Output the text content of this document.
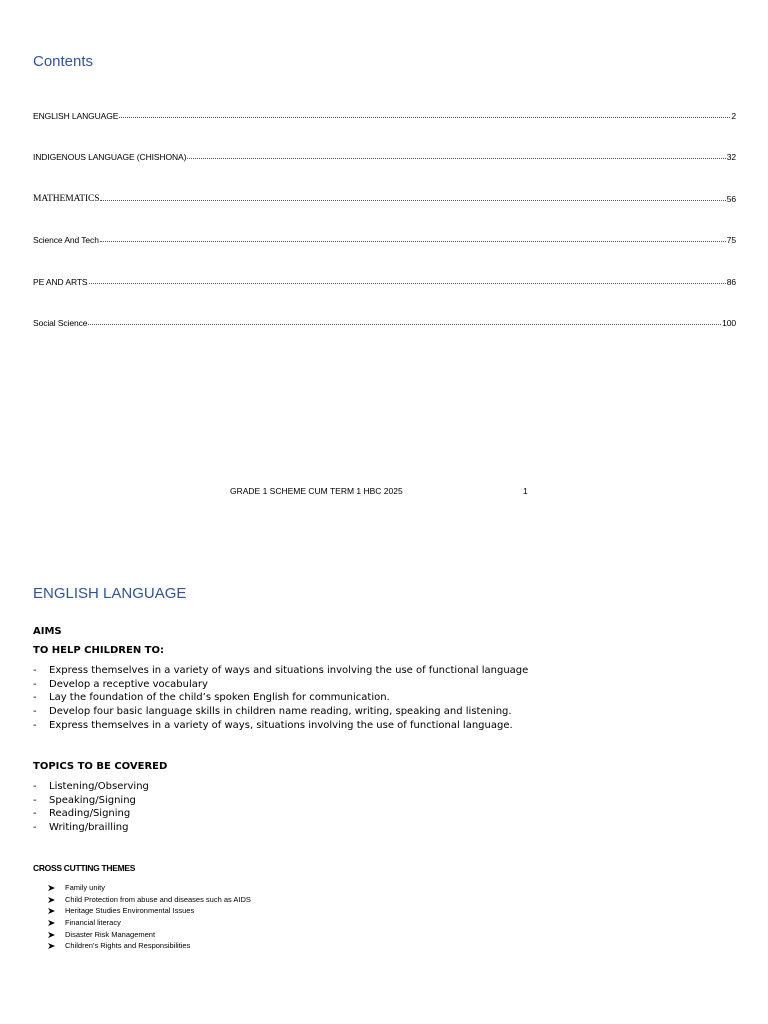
Contents
ENGLISH LANGUAGE	2
INDIGENOUS LANGUAGE (CHISHONA)	32
MATHEMATICS	56
Science And Tech	75
PE AND ARTS	86
Social Science	100
GRADE 1 SCHEME CUM TERM 1 HBC 2025	1
ENGLISH LANGUAGE
AIMS
TO HELP CHILDREN TO:
- Express themselves in a variety of ways and situations involving the use of functional language
- Develop a receptive vocabulary
- Lay the foundation of the child’s spoken English for communication.
- Develop four basic language skills in children name reading, writing, speaking and listening.
- Express themselves in a variety of ways, situations involving the use of functional language.
TOPICS TO BE COVERED
- Listening/Observing
- Speaking/Signing
- Reading/Signing
- Writing/brailling
CROSS CUTTING THEMES
Family unity
Child Protection from abuse and diseases such as AIDS
Heritage Studies Environmental Issues
Financial literacy
Disaster Risk Management
Children’s Rights and Responsibilities
